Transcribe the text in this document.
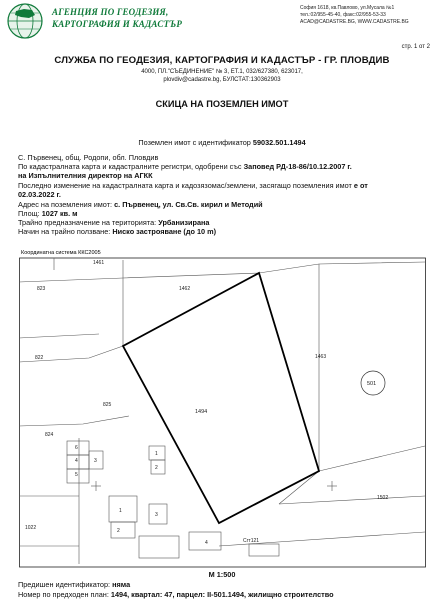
АГЕНЦИЯ ПО ГЕОДЕЗИЯ,
КАРТОГРАФИЯ И КАДАСТЪР
София 1618, кв.Павлово, ул.Мусала №1
тел.:02/955-45-40, факс:02/955-53-33
ACAD@CADASTRE.BG, WWW.CADASTRE.BG
стр. 1 от 2
СЛУЖБА ПО ГЕОДЕЗИЯ, КАРТОГРАФИЯ И КАДАСТЪР - ГР. ПЛОВДИВ
4000, ПЛ."СЪЕДИНЕНИЕ" № 3, ЕТ.1, 032/627380, 623017,
plovdiv@cadastre.bg, БУЛСТАТ:130362903
СКИЦА НА ПОЗЕМЛЕН ИМОТ
Поземлен имот с идентификатор 59032.501.1494
С. Първенец, общ. Родопи, обл. Пловдив
По кадастралната карта и кадастралните регистри, одобрени със Заповед РД-18-86/10.12.2007 г.
на Изпълнителния директор на АГКК
Последно изменение на кадастралната карта и кадозязомас/землени, засягащо поземления имот е от
02.03.2022 г.
Адрес на поземления имот: с. Първенец, ул. Св.Св. кирил и Методий
Площ: 1027 кв. м
Трайно предназначение на територията: Урбанизирана
Начин на трайно ползване: Ниско застрояване (до 10 m)
Координатна система ККС2005
1461
1462
1463
1494
1502
823
822
825
824
1022
501
6
4
5
3
1
2
1
2
3
4	Сгт121
М 1:500
Предишен идентификатор: няма
Номер по предходен план: 1494, квартал: 47, парцел: II-501.1494, жилищно строителство
